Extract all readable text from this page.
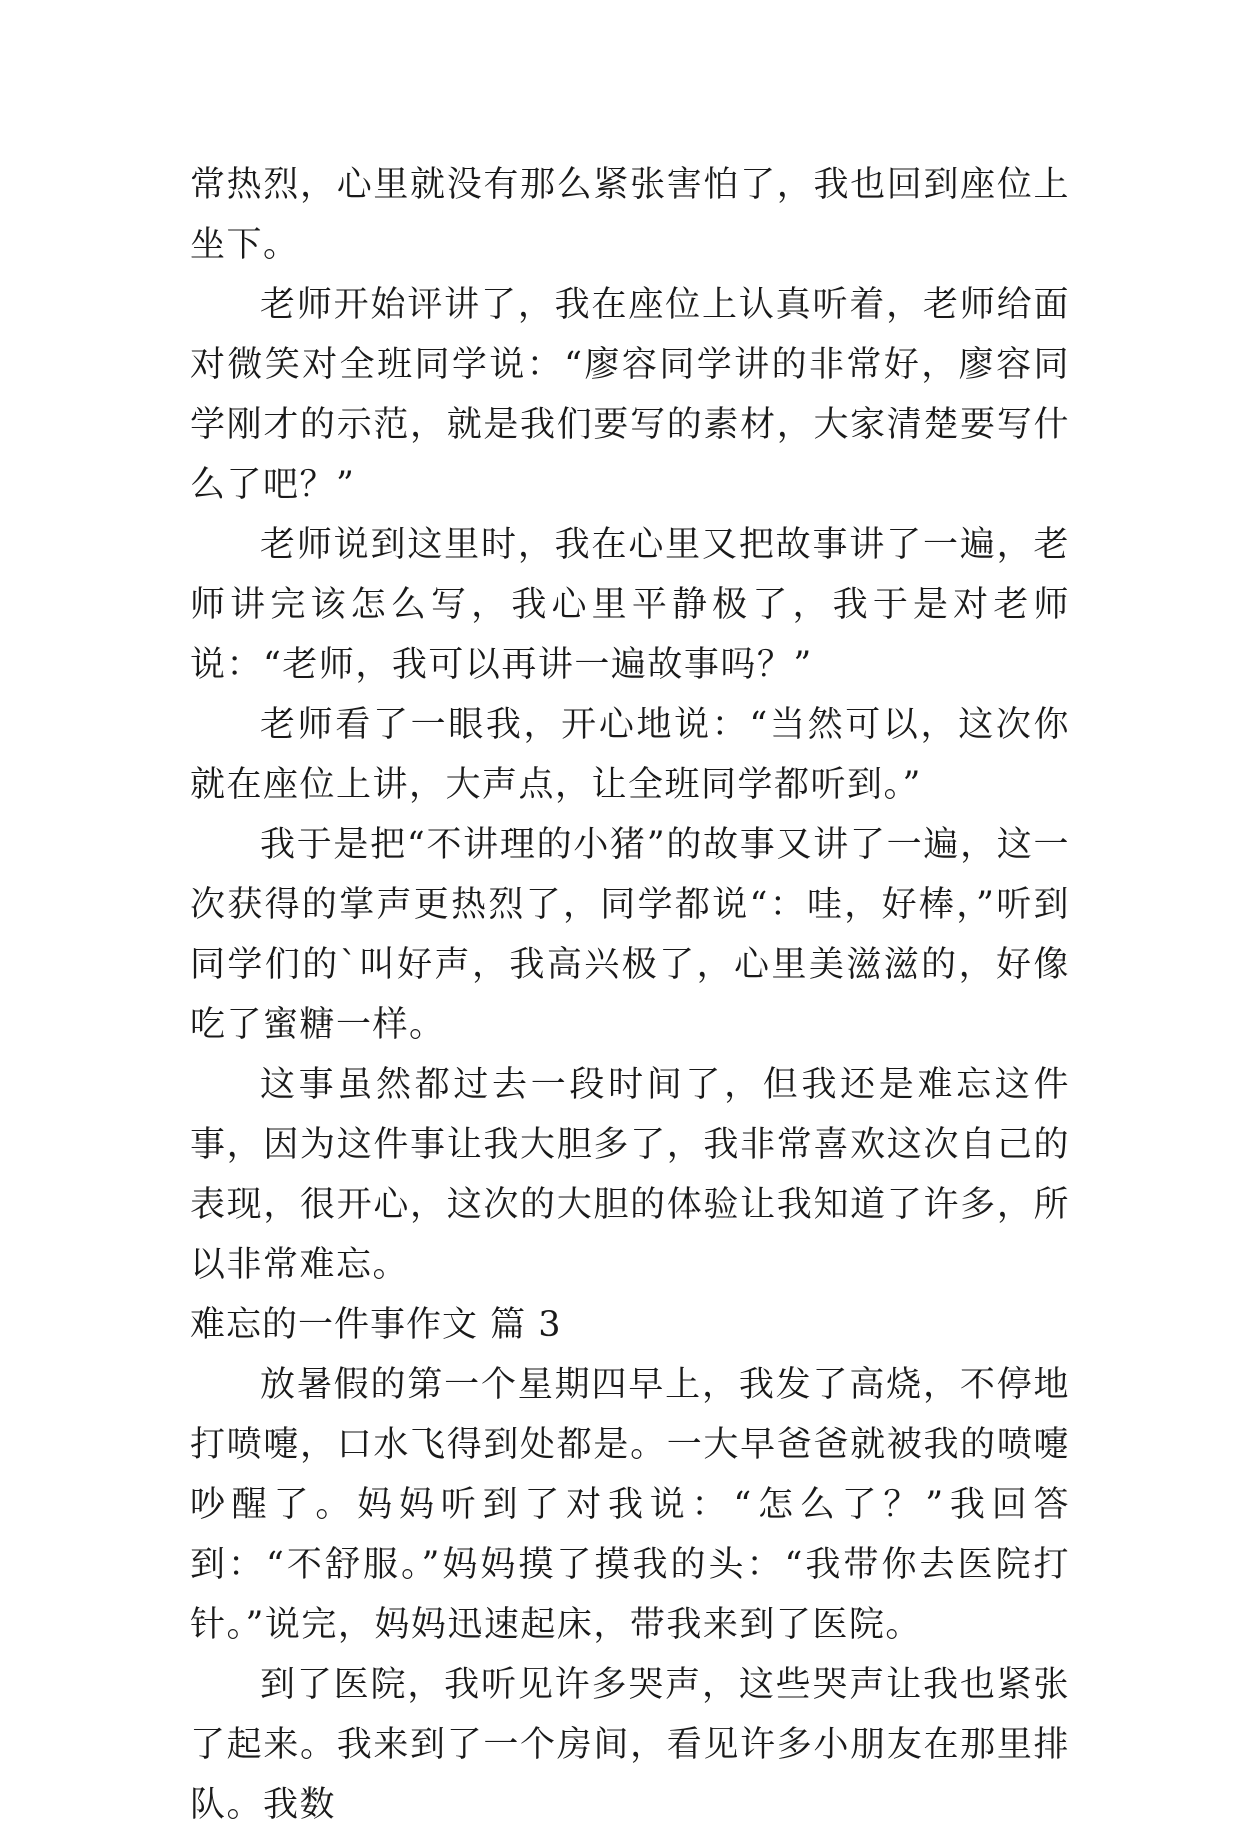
常热烈，心里就没有那么紧张害怕了，我也回到座位上坐下。

老师开始评讲了，我在座位上认真听着，老师给面对微笑对全班同学说：“廖容同学讲的非常好，廖容同学刚才的示范，就是我们要写的素材，大家清楚要写什么了吧？”

老师说到这里时，我在心里又把故事讲了一遍，老师讲完该怎么写，我心里平静极了，我于是对老师说：“老师，我可以再讲一遍故事吗？”

老师看了一眼我，开心地说：“当然可以，这次你就在座位上讲，大声点，让全班同学都听到。”

我于是把“不讲理的小猪”的故事又讲了一遍，这一次获得的掌声更热烈了，同学都说“：哇，好棒，”听到同学们的`叫好声，我高兴极了，心里美滋滋的，好像吃了蜜糖一样。

这事虽然都过去一段时间了，但我还是难忘这件事，因为这件事让我大胆多了，我非常喜欢这次自己的表现，很开心，这次的大胆的体验让我知道了许多，所以非常难忘。

难忘的一件事作文 篇 3

放暑假的第一个星期四早上，我发了高烧，不停地打喷嚏，口水飞得到处都是。一大早爸爸就被我的喷嚏吵醒了。妈妈听到了对我说：“怎么了？”我回答到：“不舒服。”妈妈摸了摸我的头：“我带你去医院打针。”说完，妈妈迅速起床，带我来到了医院。

到了医院，我听见许多哭声，这些哭声让我也紧张了起来。我来到了一个房间，看见许多小朋友在那里排队。我数
